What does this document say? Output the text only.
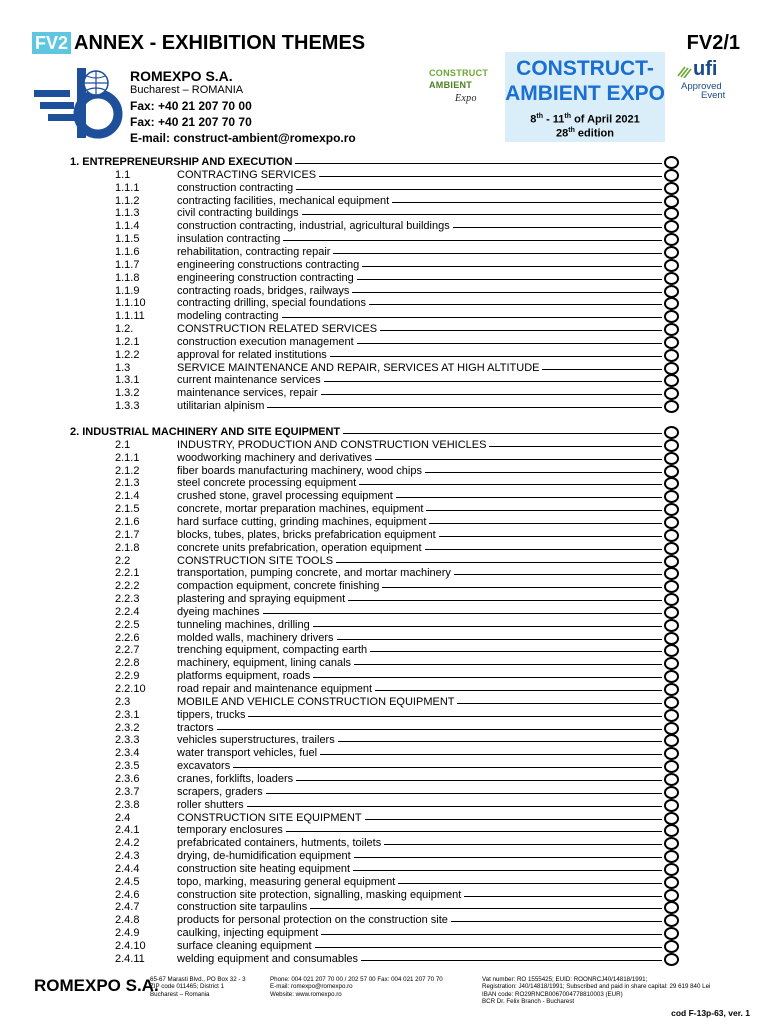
FV2 ANNEX - EXHIBITION THEMES	FV2/1
ROMEXPO S.A.
Bucharest – ROMANIA
Fax: +40 21 207 70 00
Fax: +40 21 207 70 70
E-mail: construct-ambient@romexpo.ro
CONSTRUCT
AMBIENT
Expo
CONSTRUCT-
AMBIENT EXPO
8th - 11th of April 2021
28th edition
ufi
Approved
Event
1. ENTREPRENEURSHIP AND EXECUTION
1.1	CONTRACTING SERVICES
1.1.1	construction contracting
1.1.2	contracting facilities, mechanical equipment
1.1.3	civil contracting buildings
1.1.4	construction contracting, industrial, agricultural buildings
1.1.5	insulation contracting
1.1.6	rehabilitation, contracting repair
1.1.7	engineering constructions contracting
1.1.8	engineering construction contracting
1.1.9	contracting roads, bridges, railways
1.1.10	contracting drilling, special foundations
1.1.11	modeling contracting
1.2.	CONSTRUCTION RELATED SERVICES
1.2.1	construction execution management
1.2.2	approval for related institutions
1.3	SERVICE MAINTENANCE AND REPAIR, SERVICES AT HIGH ALTITUDE
1.3.1	current maintenance services
1.3.2	maintenance services, repair
1.3.3	utilitarian alpinism
2. INDUSTRIAL MACHINERY AND SITE EQUIPMENT
2.1	INDUSTRY, PRODUCTION AND CONSTRUCTION VEHICLES
2.1.1	woodworking machinery and derivatives
2.1.2	fiber boards manufacturing machinery, wood chips
2.1.3	steel concrete processing equipment
2.1.4	crushed stone, gravel processing equipment
2.1.5	concrete, mortar preparation machines, equipment
2.1.6	hard surface cutting, grinding machines, equipment
2.1.7	blocks, tubes, plates, bricks prefabrication equipment
2.1.8	concrete units prefabrication, operation equipment
2.2	CONSTRUCTION SITE TOOLS
2.2.1	transportation, pumping concrete, and mortar machinery
2.2.2	compaction equipment, concrete finishing
2.2.3	plastering and spraying equipment
2.2.4	dyeing machines
2.2.5	tunneling machines, drilling
2.2.6	molded walls, machinery drivers
2.2.7	trenching equipment, compacting earth
2.2.8	machinery, equipment, lining canals
2.2.9	platforms equipment, roads
2.2.10	road repair and maintenance equipment
2.3	MOBILE AND VEHICLE CONSTRUCTION EQUIPMENT
2.3.1	tippers, trucks
2.3.2	tractors
2.3.3	vehicles superstructures, trailers
2.3.4	water transport vehicles, fuel
2.3.5	excavators
2.3.6	cranes, forklifts, loaders
2.3.7	scrapers, graders
2.3.8	roller shutters
2.4	CONSTRUCTION SITE EQUIPMENT
2.4.1	temporary enclosures
2.4.2	prefabricated containers, hutments, toilets
2.4.3	drying, de-humidification equipment
2.4.4	construction site heating equipment
2.4.5	topo, marking, measuring general equipment
2.4.6	construction site protection, signalling, masking equipment
2.4.7	construction site tarpaulins
2.4.8	products for personal protection on the construction site
2.4.9	caulking, injecting equipment
2.4.10	surface cleaning equipment
2.4.11	welding equipment and consumables
ROMEXPO S.A.
65-67 Marasti Blvd., PO Box 32 - 3
ZIP code 011465; District 1
Bucharest – Romania
Phone: 004 021 207 70 00 / 202 57 00 Fax: 004 021 207 70 70
E-mail: romexpo@romexpo.ro
Website: www.romexpo.ro
Vat number: RO 1555425; EUID: ROONRCJ40/14818/1991;
Registration: J40/14818/1991; Subscribed and paid in share capital: 29 619 840 Lei
IBAN code: RO29RNCB0067004778810003 (EUR)
BCR Dr. Felix Branch - Bucharest
cod F-13p-63, ver. 1
